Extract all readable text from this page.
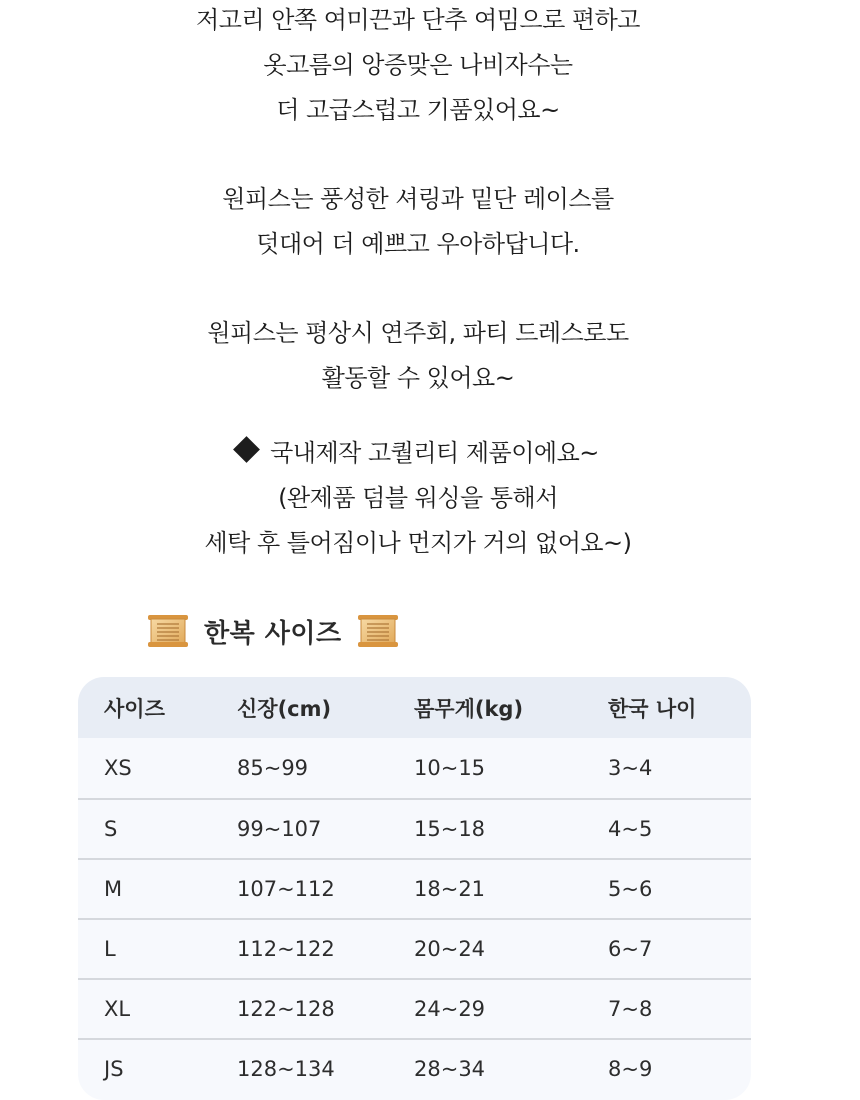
저고리 안쪽 여미끈과 단추 여밈으로 편하고
옷고름의 앙증맞은 나비자수는
더 고급스럽고 기품있어요~
원피스는 풍성한 셔링과 밑단 레이스를
덧대어 더 예쁘고 우아하답니다.
원피스는 평상시 연주회, 파티 드레스로도
활동할 수 있어요~
국내제작 고퀄리티 제품이에요~
(완제품 덤블 워싱을 통해서
세탁 후 틀어짐이나 먼지가 거의 없어요~)
한복 사이즈
사이즈	신장(cm)	몸무게(kg)	한국 나이
XS	85~99	10~15	3~4
S	99~107	15~18	4~5
M	107~112	18~21	5~6
L	112~122	20~24	6~7
XL	122~128	24~29	7~8
JS	128~134	28~34	8~9
